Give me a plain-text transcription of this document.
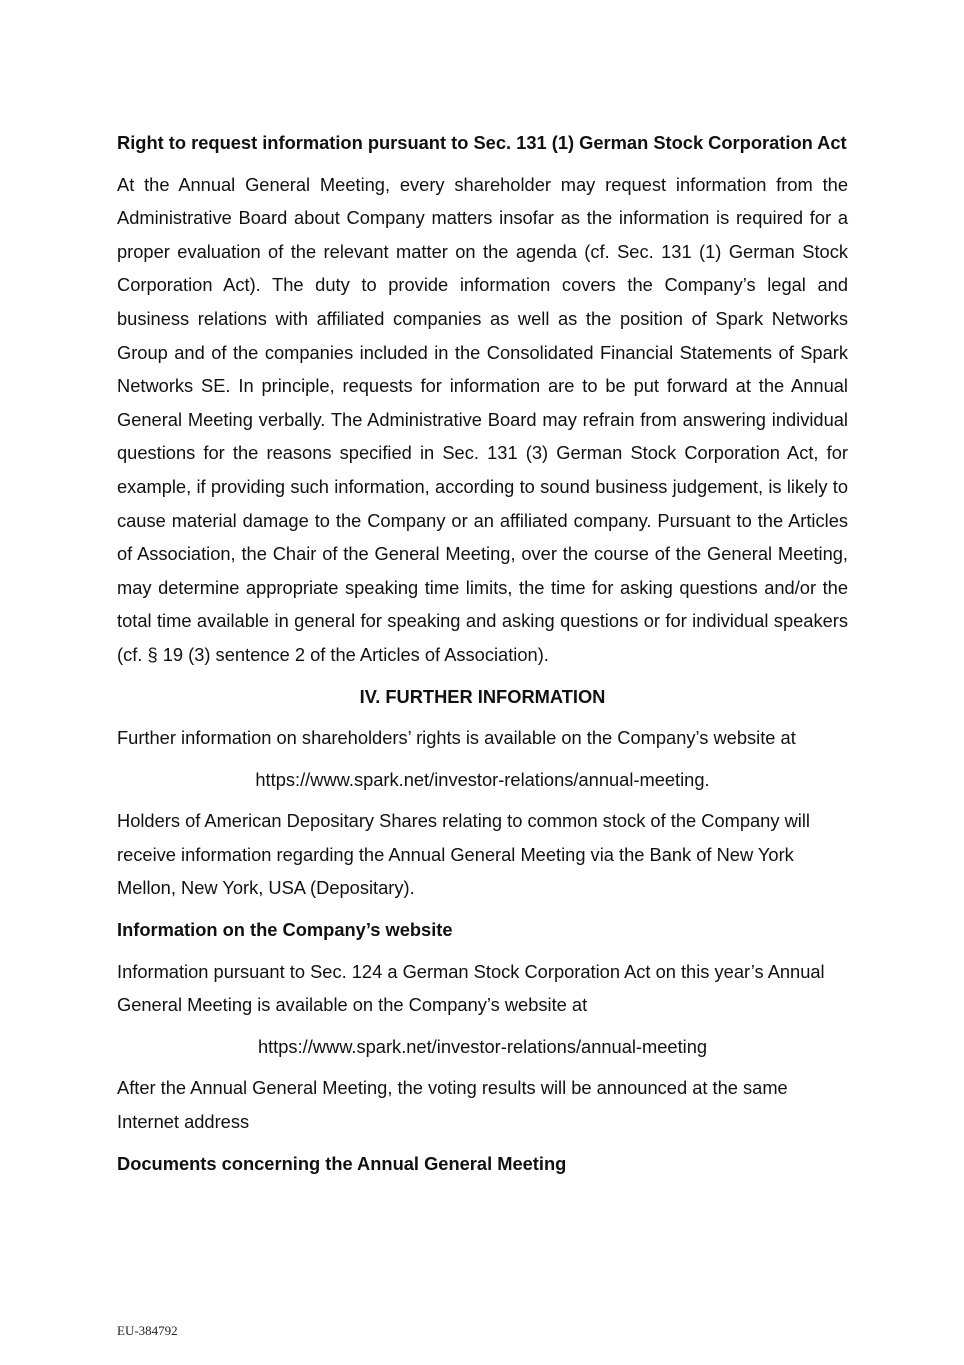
Right to request information pursuant to Sec. 131 (1) German Stock Corporation Act

At the Annual General Meeting, every shareholder may request information from the Administrative Board about Company matters insofar as the information is required for a proper evaluation of the relevant matter on the agenda (cf. Sec. 131 (1) German Stock Corporation Act). The duty to provide information covers the Company’s legal and business relations with affiliated companies as well as the position of Spark Networks Group and of the companies included in the Consolidated Financial Statements of Spark Networks SE. In principle, requests for information are to be put forward at the Annual General Meeting verbally. The Administrative Board may refrain from answering individual questions for the reasons specified in Sec. 131 (3) German Stock Corporation Act, for example, if providing such information, according to sound business judgement, is likely to cause material damage to the Company or an affiliated company. Pursuant to the Articles of Association, the Chair of the General Meeting, over the course of the General Meeting, may determine appropriate speaking time limits, the time for asking questions and/or the total time available in general for speaking and asking questions or for individual speakers (cf. § 19 (3) sentence 2 of the Articles of Association).

IV. FURTHER INFORMATION

Further information on shareholders’ rights is available on the Company’s website at

https://www.spark.net/investor-relations/annual-meeting.

Holders of American Depositary Shares relating to common stock of the Company will receive information regarding the Annual General Meeting via the Bank of New York Mellon, New York, USA (Depositary).

Information on the Company’s website

Information pursuant to Sec. 124 a German Stock Corporation Act on this year’s Annual General Meeting is available on the Company’s website at

https://www.spark.net/investor-relations/annual-meeting

After the Annual General Meeting, the voting results will be announced at the same Internet address

Documents concerning the Annual General Meeting

EU-384792
